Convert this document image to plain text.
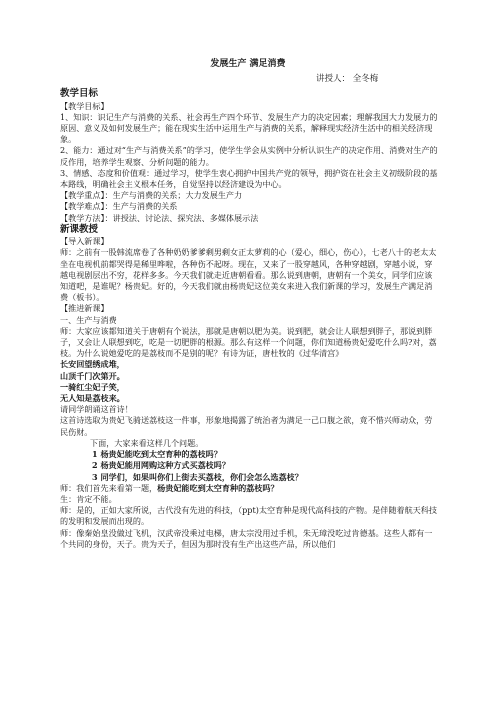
发展生产 满足消费
讲授人： 全冬梅

教学目标

【教学目标】

1、知识：识记生产与消费的关系、社会再生产四个环节、发展生产力的决定因素；理解我国大力发展力的原因、意义及如何发展生产；能在现实生活中运用生产与消费的关系，解释现实经济生活中的相关经济现象。

2、能力：通过对“生产与消费关系”的学习，使学生学会从实例中分析认识生产的决定作用、消费对生产的反作用，培养学生观察、分析问题的能力。

3、情感、态度和价值观：通过学习，使学生衷心拥护中国共产党的领导，拥护资在社会主义初级阶段的基本路线，明确社会主义根本任务，自觉坚持以经济建设为中心。

【教学重点】：生产与消费的关系；大力发展生产力

【教学难点】：生产与消费的关系

【教学方法】：讲授法、讨论法、探究法、多媒体展示法

新课教授

【导入新课】

师：之前有一股韩流席卷了各种奶奶爹爹剩男剩女正太萝莉的心（爱心，细心，伤心），七老八十的老太太坐在电视机前都哭得是稀里哗啦，各种伤不起呀。现在，又来了一股穿越风，各种穿越剧，穿越小说，穿越电视剧层出不穷，花样多多。今天我们就走近唐朝看看。那么说到唐朝，唐朝有一个美女，同学们应该知道吧，是谁呢？杨贵妃。好的，今天我们就由杨贵妃这位美女来进入我们新课的学习，发展生产满足消费（板书）。

【推进新课】

一、生产与消费

师：大家应该都知道关于唐朝有个说法，那就是唐朝以肥为美。说到肥，就会让人联想到胖子，那说到胖子，又会让人联想到吃，吃是一切肥胖的根源。那么有这样一个问题，你们知道杨贵妃爱吃什么吗?对，荔枝。为什么说她爱吃的是荔枝而不是别的呢？有诗为证，唐杜牧的《过华清宫》

长安回望绣成堆，

山顶千门次第开。

一骑红尘妃子笑，

无人知是荔枝来。

请同学朗诵这首诗！

这首诗选取为贵妃飞骑送荔枝这一件事，形象地揭露了统治者为满足一己口腹之欲，竟不惜兴师动众，劳民伤财。

下面，大家来看这样几个问题。

1 杨贵妃能吃到太空育种的荔枝吗？

2 杨贵妃能用网购这种方式买荔枝吗？

3 同学们，如果叫你们上街去买荔枝，你们会怎么选荔枝？

师：我们首先来看第一题，杨贵妃能吃到太空育种的荔枝吗？

生：肯定不能。

师：是的，正如大家所说，古代没有先进的科技，（ppt)太空育种是现代高科技的产物。是伴随着航天科技的发明和发展而出现的。

师：像秦始皇没做过飞机，汉武帝没乘过电梯，唐太宗没用过手机，朱无璋没吃过肯德基。这些人都有一个共同的身份，天子。贵为天子，但因为那时没有生产出这些产品，所以他们
